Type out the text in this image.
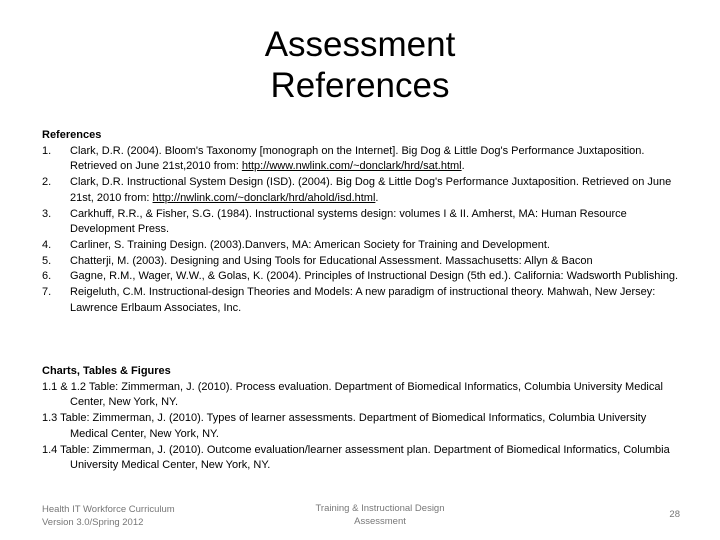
Assessment
References
References
1.	Clark, D.R. (2004). Bloom's Taxonomy [monograph on the Internet]. Big Dog & Little Dog's Performance Juxtaposition. Retrieved on June 21st,2010 from: http://www.nwlink.com/~donclark/hrd/sat.html.
2.	Clark, D.R. Instructional System Design (ISD). (2004). Big Dog & Little Dog's Performance Juxtaposition. Retrieved on June 21st, 2010 from: http://nwlink.com/~donclark/hrd/ahold/isd.html.
3.	Carkhuff, R.R., & Fisher, S.G. (1984). Instructional systems design: volumes I & II. Amherst, MA: Human Resource Development Press.
4.	Carliner, S. Training Design. (2003).Danvers, MA: American Society for Training and Development.
5.	Chatterji, M. (2003). Designing and Using Tools for Educational Assessment. Massachusetts: Allyn & Bacon
6.	Gagne, R.M., Wager, W.W., & Golas, K. (2004). Principles of Instructional Design (5th ed.). California: Wadsworth Publishing.
7.	Reigeluth, C.M. Instructional-design Theories and Models: A new paradigm of instructional theory. Mahwah, New Jersey: Lawrence Erlbaum Associates, Inc.
Charts, Tables & Figures
1.1 & 1.2 Table: Zimmerman, J. (2010). Process evaluation. Department of Biomedical Informatics, Columbia University Medical Center, New York, NY.
1.3 Table: Zimmerman, J. (2010). Types of learner assessments. Department of Biomedical Informatics, Columbia University Medical Center, New York, NY.
1.4 Table: Zimmerman, J. (2010). Outcome evaluation/learner assessment plan. Department of Biomedical Informatics, Columbia University Medical Center, New York, NY.
Health IT Workforce Curriculum
Version 3.0/Spring 2012
Training & Instructional Design
Assessment
28
